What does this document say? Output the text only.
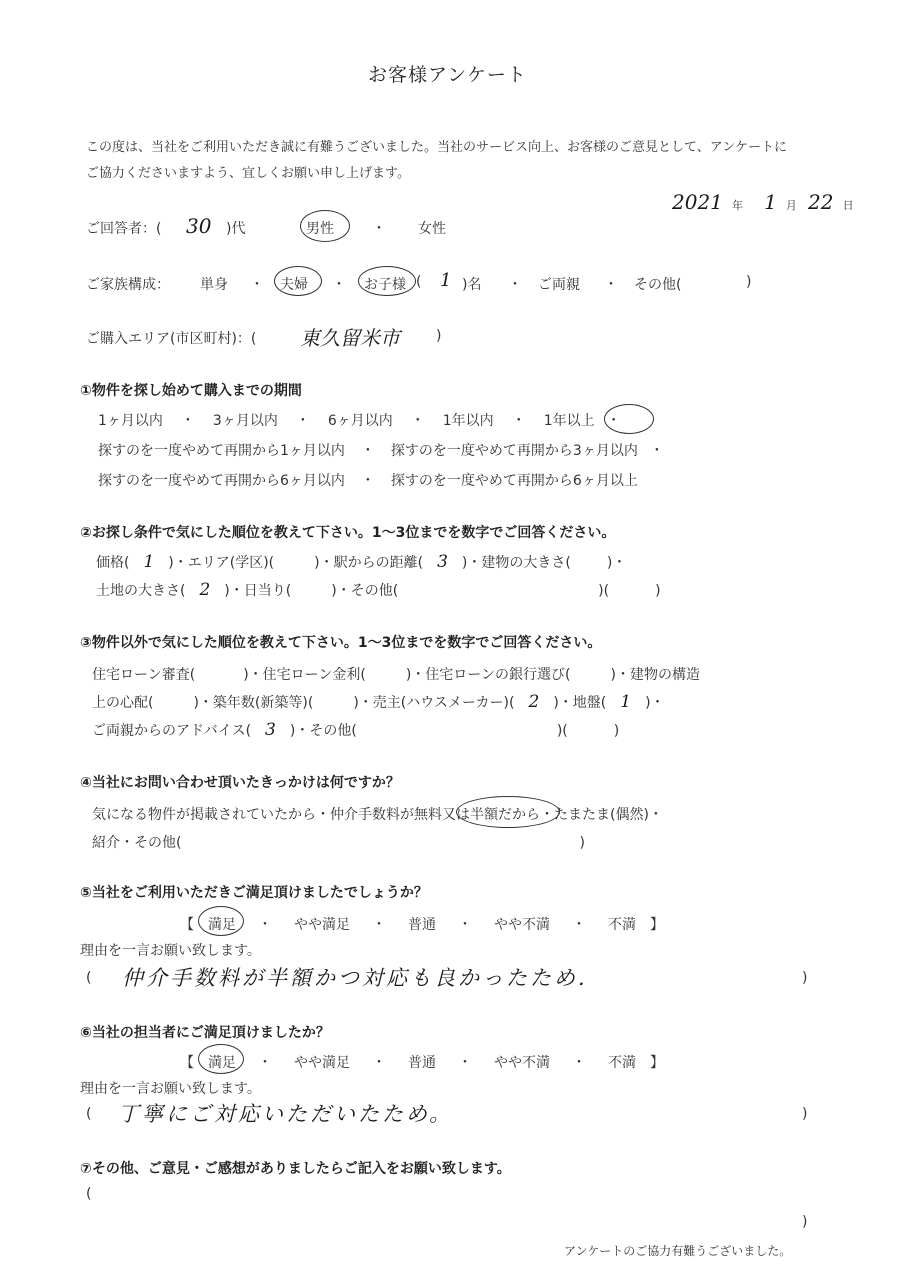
お客様アンケート
この度は、当社をご利用いただき誠に有難うございました。当社のサービス向上、お客様のご意見として、アンケートに
ご協力くださいますよう、宜しくお願い申し上げます。
2021 年 1 月 22 日
ご回答者：( 30 )代	男性	・ 女性
ご家族構成： 単身 ・ 夫婦 ・ お子様 ( 1 )名 ・ ご両親 ・ その他(	)
ご購入エリア(市区町村)：( 東久留米市	)
①物件を探し始めて購入までの期間
1ヶ月以内 ・ 3ヶ月以内 ・ 6ヶ月以内 ・ 1年以内 ・ 1年以上 ・
探すのを一度やめて再開から1ヶ月以内 ・ 探すのを一度やめて再開から3ヶ月以内 ・
探すのを一度やめて再開から6ヶ月以内 ・ 探すのを一度やめて再開から6ヶ月以上
②お探し条件で気にした順位を教えて下さい。1〜3位までを数字でご回答ください。
価格( 1 )・エリア(学区)(	)・駅からの距離( 3 )・建物の大きさ(	)・
土地の大きさ( 2 )・日当り(	)・その他(	)(	)
③物件以外で気にした順位を教えて下さい。1〜3位までを数字でご回答ください。
住宅ローン審査(	)・住宅ローン金利(	)・住宅ローンの銀行選び(	)・建物の構造
上の心配(	)・築年数(新築等)(	)・売主(ハウスメーカー)( 2 )・地盤( 1 )・
ご両親からのアドバイス( 3 )・その他(	)(	)
④当社にお問い合わせ頂いたきっかけは何ですか？
気になる物件が掲載されていたから・仲介手数料が無料又は半額だから・たまたま(偶然)・
紹介・その他(	)
⑤当社をご利用いただきご満足頂けましたでしょうか？
【 満足 ・ やや満足 ・ 普通 ・ やや不満 ・ 不満 】
理由を一言お願い致します。
( 仲介手数料が半額かつ対応も良かったため.	)
⑥当社の担当者にご満足頂けましたか？
【 満足 ・ やや満足 ・ 普通 ・ やや不満 ・ 不満 】
理由を一言お願い致します。
( 丁寧にご対応いただいたため。	)
⑦その他、ご意見・ご感想がありましたらご記入をお願い致します。
(
)
アンケートのご協力有難うございました。
